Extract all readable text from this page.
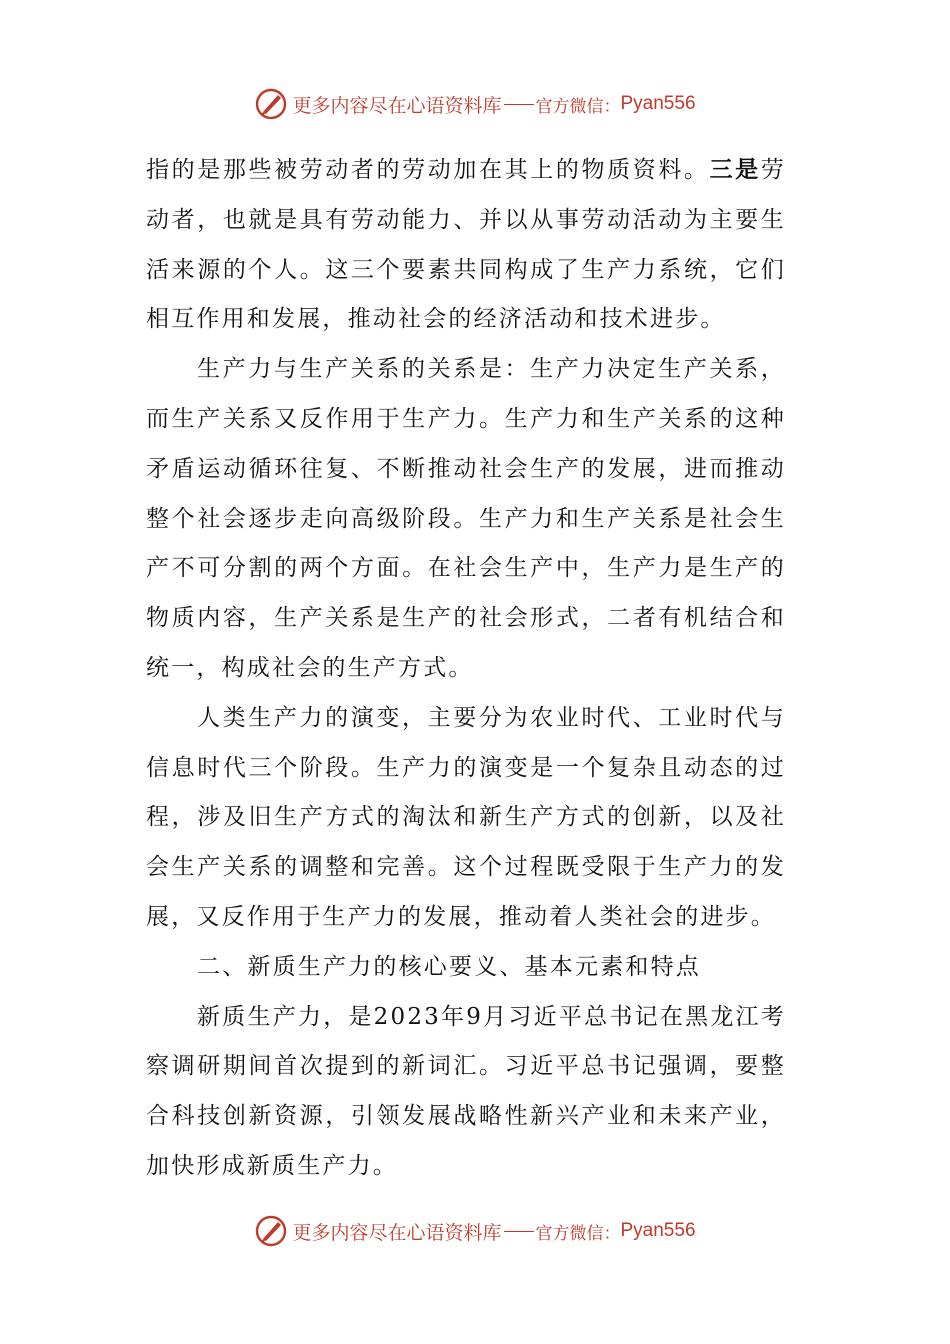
更多内容尽在心语资料库 官方微信： Pyan556

指的是那些被劳动者的劳动加在其上的物质资料。三是劳动者，也就是具有劳动能力、并以从事劳动活动为主要生活来源的个人。这三个要素共同构成了生产力系统，它们相互作用和发展，推动社会的经济活动和技术进步。

生产力与生产关系的关系是：生产力决定生产关系，而生产关系又反作用于生产力。生产力和生产关系的这种矛盾运动循环往复、不断推动社会生产的发展，进而推动整个社会逐步走向高级阶段。生产力和生产关系是社会生产不可分割的两个方面。在社会生产中，生产力是生产的物质内容，生产关系是生产的社会形式，二者有机结合和统一，构成社会的生产方式。

人类生产力的演变，主要分为农业时代、工业时代与信息时代三个阶段。生产力的演变是一个复杂且动态的过程，涉及旧生产方式的淘汰和新生产方式的创新，以及社会生产关系的调整和完善。这个过程既受限于生产力的发展，又反作用于生产力的发展，推动着人类社会的进步。

二、新质生产力的核心要义、基本元素和特点

新质生产力，是2023年9月习近平总书记在黑龙江考察调研期间首次提到的新词汇。习近平总书记强调，要整合科技创新资源，引领发展战略性新兴产业和未来产业，加快形成新质生产力。

更多内容尽在心语资料库 官方微信： Pyan556
